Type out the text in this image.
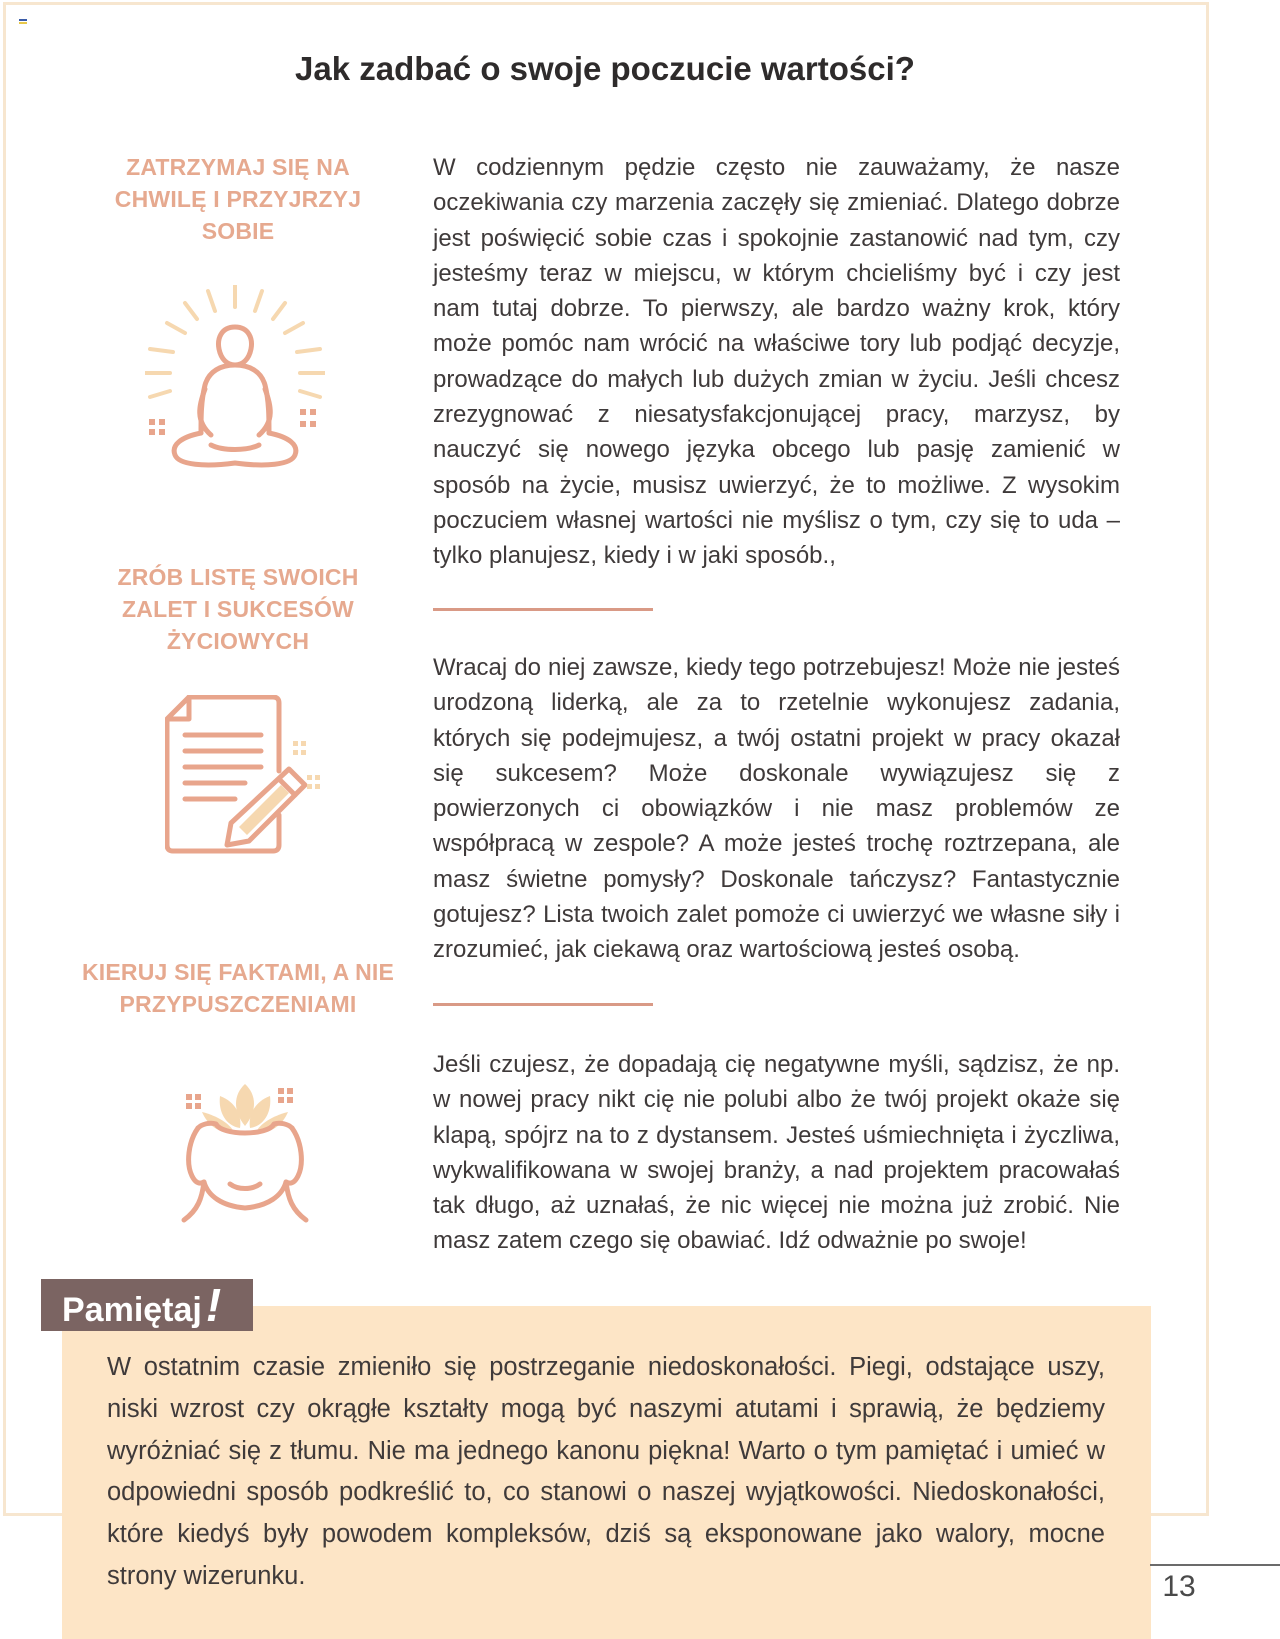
Jak zadbać o swoje poczucie wartości?
ZATRZYMAJ SIĘ NA CHWILĘ I PRZYJRZYJ SOBIE
W codziennym pędzie często nie zauważamy, że nasze oczekiwania czy marzenia zaczęły się zmieniać. Dlatego dobrze jest poświęcić sobie czas i spokojnie zastanowić nad tym, czy jesteśmy teraz w miejscu, w którym chcieliśmy być i czy jest nam tutaj dobrze. To pierwszy, ale bardzo ważny krok, który może pomóc nam wrócić na właściwe tory lub podjąć decyzje, prowadzące do małych lub dużych zmian w życiu. Jeśli chcesz zrezygnować z niesatysfakcjonującej pracy, marzysz, by nauczyć się nowego języka obcego lub pasję zamienić w sposób na życie, musisz uwierzyć, że to możliwe. Z wysokim poczuciem własnej wartości nie myślisz o tym, czy się to uda – tylko planujesz, kiedy i w jaki sposób.,
ZRÓB LISTĘ SWOICH ZALET I SUKCESÓW ŻYCIOWYCH
Wracaj do niej zawsze, kiedy tego potrzebujesz! Może nie jesteś urodzoną liderką, ale za to rzetelnie wykonujesz zadania, których się podejmujesz, a twój ostatni projekt w pracy okazał się sukcesem? Może doskonale wywiązujesz się z powierzonych ci obowiązków i nie masz problemów ze współpracą w zespole? A może jesteś trochę roztrzepana, ale masz świetne pomysły? Doskonale tańczysz? Fantastycznie gotujesz? Lista twoich zalet pomoże ci uwierzyć we własne siły i zrozumieć, jak ciekawą oraz wartościową jesteś osobą.
KIERUJ SIĘ FAKTAMI, A NIE PRZYPUSZCZENIAMI
Jeśli czujesz, że dopadają cię negatywne myśli, sądzisz, że np. w nowej pracy nikt cię nie polubi albo że twój projekt okaże się klapą, spójrz na to z dystansem. Jesteś uśmiechnięta i życzliwa, wykwalifikowana w swojej branży, a nad projektem pracowałaś tak długo, aż uznałaś, że nic więcej nie można już zrobić. Nie masz zatem czego się obawiać. Idź odważnie po swoje!
Pamiętaj!
W ostatnim czasie zmieniło się postrzeganie niedoskonałości. Piegi, odstające uszy, niski wzrost czy okrągłe kształty mogą być naszymi atutami i sprawią, że będziemy wyróżniać się z tłumu. Nie ma jednego kanonu piękna! Warto o tym pamiętać i umieć w odpowiedni sposób podkreślić to, co stanowi o naszej wyjątkowości. Niedoskonałości, które kiedyś były powodem kompleksów, dziś są eksponowane jako walory, mocne strony wizerunku.	13
